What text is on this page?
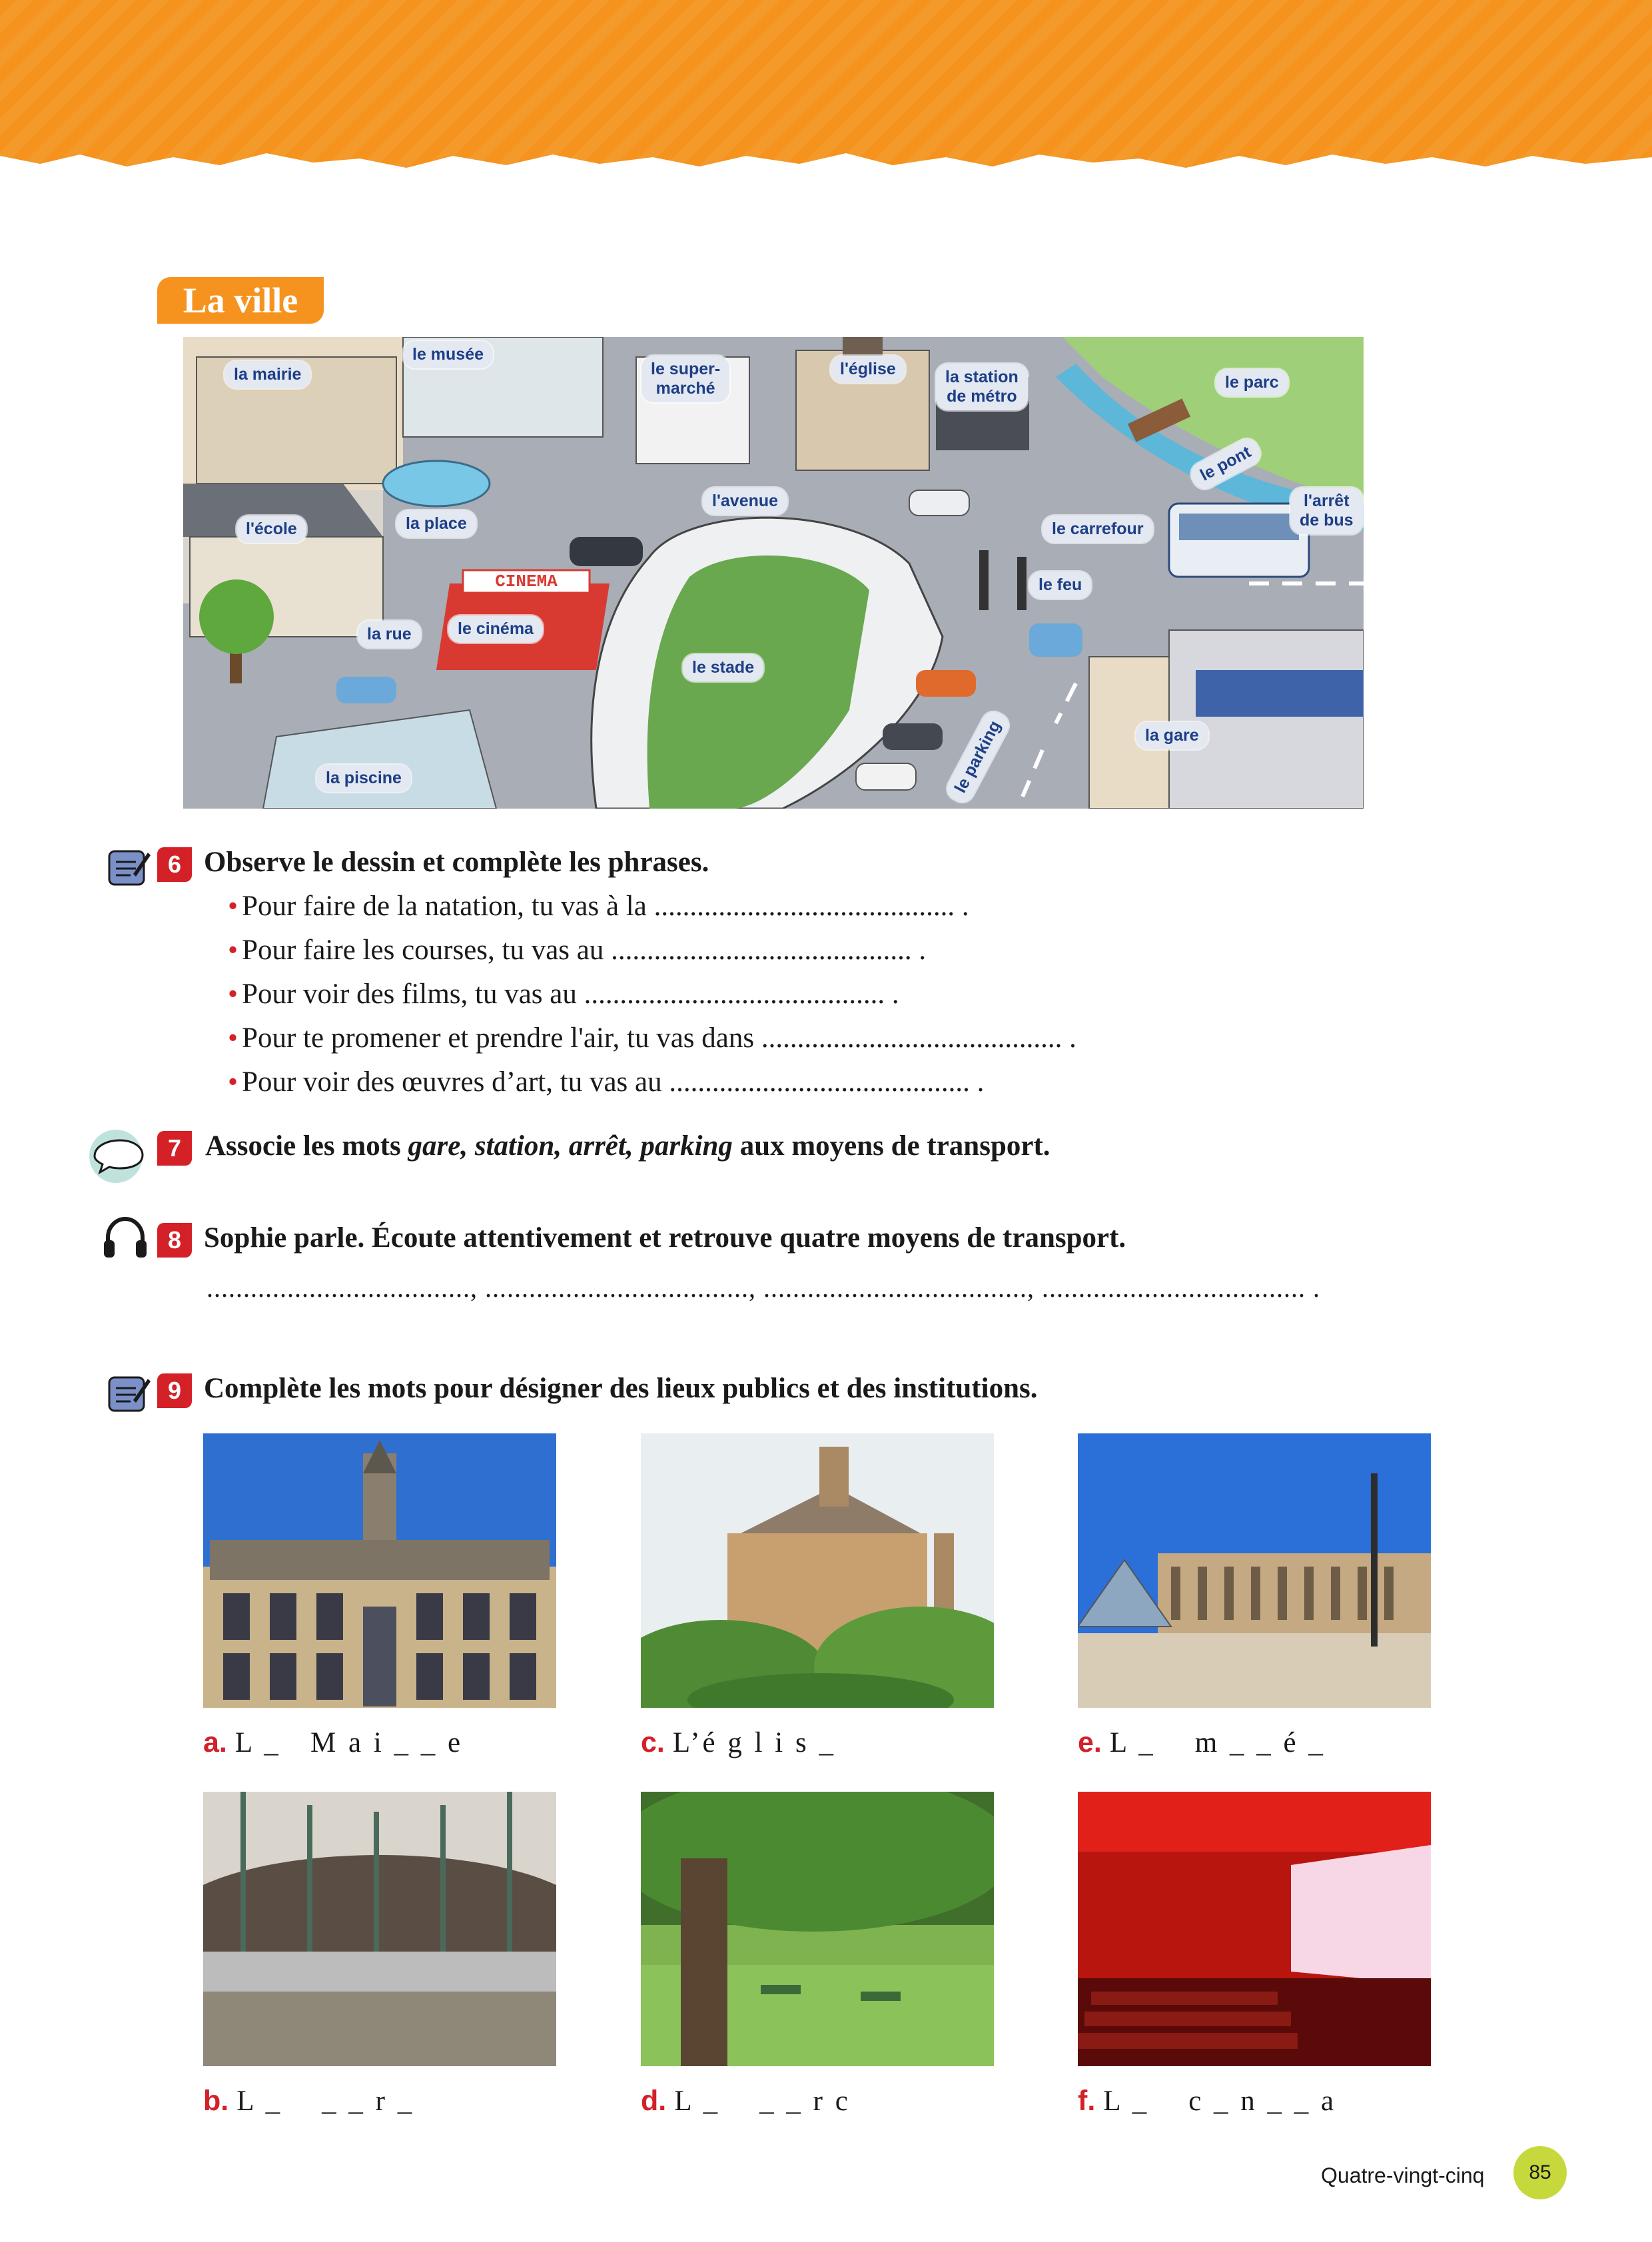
La ville
la mairie
le musée
le super-
marché
l'église	la station
de métro
le parc
le pont
l'arrêt
de bus
l'école	la place
l'avenue
le carrefour
le feu
la rue	le cinéma
le stade
la gare
le parking
la piscine
CINEMA
6 Observe le dessin et complète les phrases.
• Pour faire de la natation, tu vas à la .......................................... .
• Pour faire les courses, tu vas au .......................................... .
• Pour voir des films, tu vas au .......................................... .
• Pour te promener et prendre l'air, tu vas dans .......................................... .
• Pour voir des œuvres d’art, tu vas au .......................................... .
7 Associe les mots gare, station, arrêt, parking aux moyens de transport.
8 Sophie parle. Écoute attentivement et retrouve quatre moyens de transport.
...................................., ...................................., ...................................., .................................... .
9 Complète les mots pour désigner des lieux publics et des institutions.
a. L _   M a i _ _ e	c. L’é g l i s _	e. L _    m _ _ é _
b. L _    _ _ r _	d. L _    _ _ r c	f. L _    c _ n _ _ a
Quatre-vingt-cinq	85
